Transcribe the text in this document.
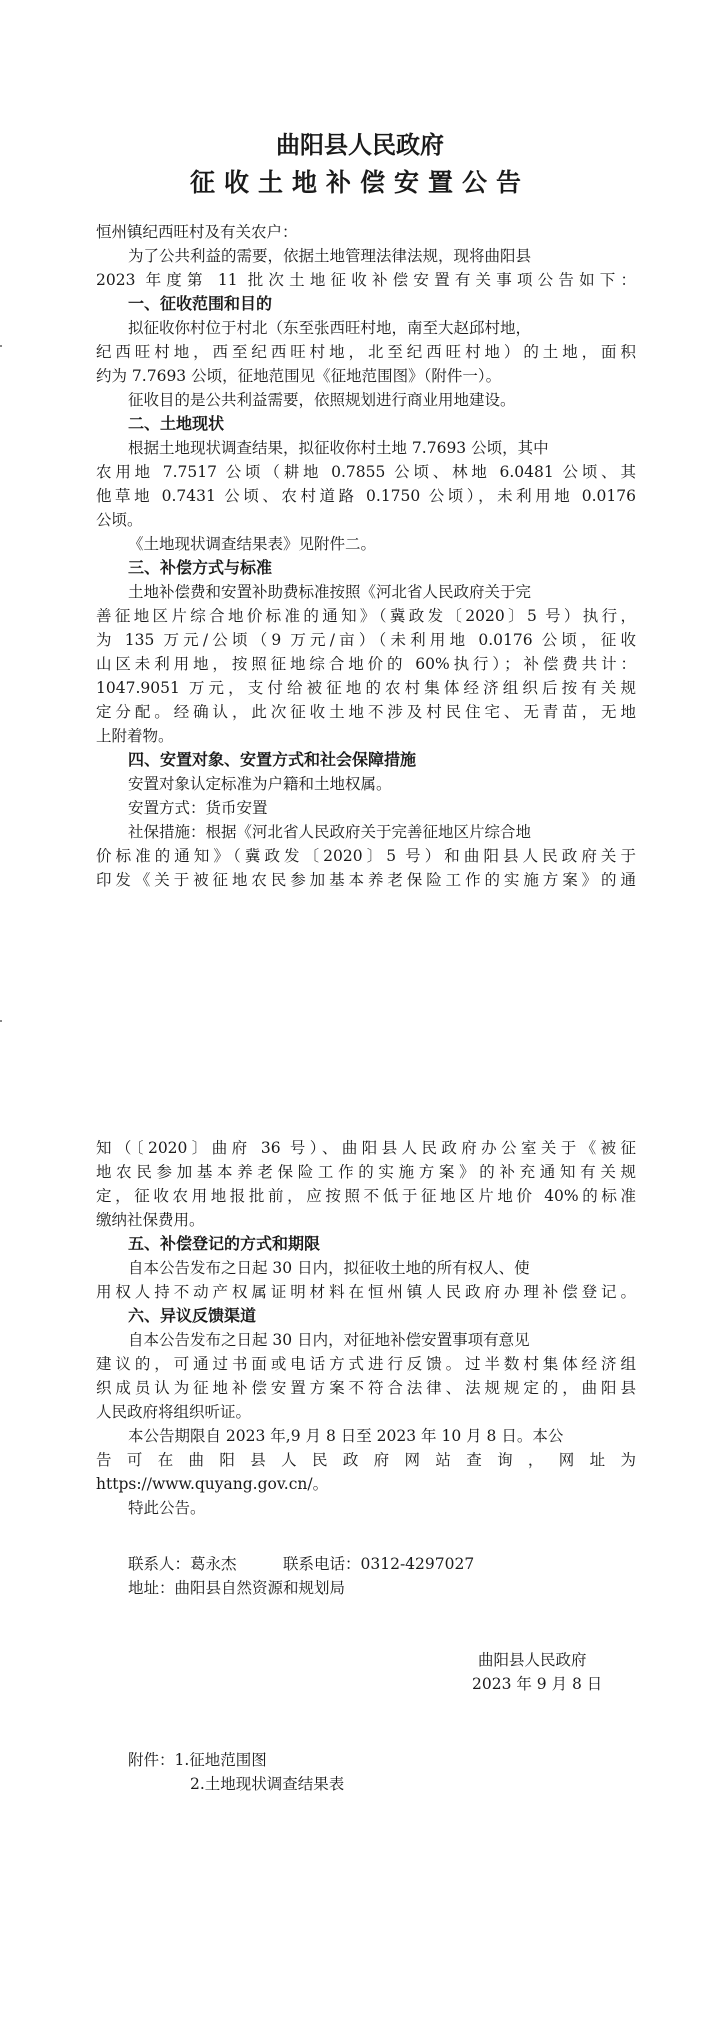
曲阳县人民政府
征收土地补偿安置公告
恒州镇纪西旺村及有关农户：
为了公共利益的需要，依据土地管理法律法规，现将曲阳县
2023 年度第 11 批次土地征收补偿安置有关事项公告如下：
一、征收范围和目的
拟征收你村位于村北（东至张西旺村地，南至大赵邱村地，
纪西旺村地，西至纪西旺村地，北至纪西旺村地）的土地，面积
约为 7.7693 公顷，征地范围见《征地范围图》（附件一）。
征收目的是公共利益需要，依照规划进行商业用地建设。
二、土地现状
根据土地现状调查结果，拟征收你村土地 7.7693 公顷，其中
农用地 7.7517 公顷（耕地 0.7855 公顷、林地 6.0481 公顷、其
他草地 0.7431 公顷、农村道路 0.1750 公顷），未利用地 0.0176
公顷。
《土地现状调查结果表》见附件二。
三、补偿方式与标准
土地补偿费和安置补助费标准按照《河北省人民政府关于完
善征地区片综合地价标准的通知》（冀政发〔2020〕5 号）执行，
为 135 万元/公顷（9 万元/亩）（未利用地 0.0176 公顷，征收
山区未利用地，按照征地综合地价的 60%执行）；补偿费共计：
1047.9051 万元，支付给被征地的农村集体经济组织后按有关规
定分配。经确认，此次征收土地不涉及村民住宅、无青苗，无地
上附着物。
四、安置对象、安置方式和社会保障措施
安置对象认定标准为户籍和土地权属。
安置方式：货币安置
社保措施：根据《河北省人民政府关于完善征地区片综合地
价标准的通知》（冀政发〔2020〕5 号）和曲阳县人民政府关于
印发《关于被征地农民参加基本养老保险工作的实施方案》的通
知（〔2020〕曲府 36 号）、曲阳县人民政府办公室关于《被征
地农民参加基本养老保险工作的实施方案》的补充通知有关规
定，征收农用地报批前，应按照不低于征地区片地价 40%的标准
缴纳社保费用。
五、补偿登记的方式和期限
自本公告发布之日起 30 日内，拟征收土地的所有权人、使
用权人持不动产权属证明材料在恒州镇人民政府办理补偿登记。
六、异议反馈渠道
自本公告发布之日起 30 日内，对征地补偿安置事项有意见
建议的，可通过书面或电话方式进行反馈。过半数村集体经济组
织成员认为征地补偿安置方案不符合法律、法规规定的，曲阳县
人民政府将组织听证。
本公告期限自 2023 年,9 月 8 日至 2023 年 10 月 8 日。本公
告可在曲阳县人民政府网站查询，网址为
https://www.quyang.gov.cn/。
特此公告。
联系人：葛永杰　　　联系电话：0312-4297027
地址：曲阳县自然资源和规划局
曲阳县人民政府
2023 年 9 月 8 日
附件：1.征地范围图
2.土地现状调查结果表
